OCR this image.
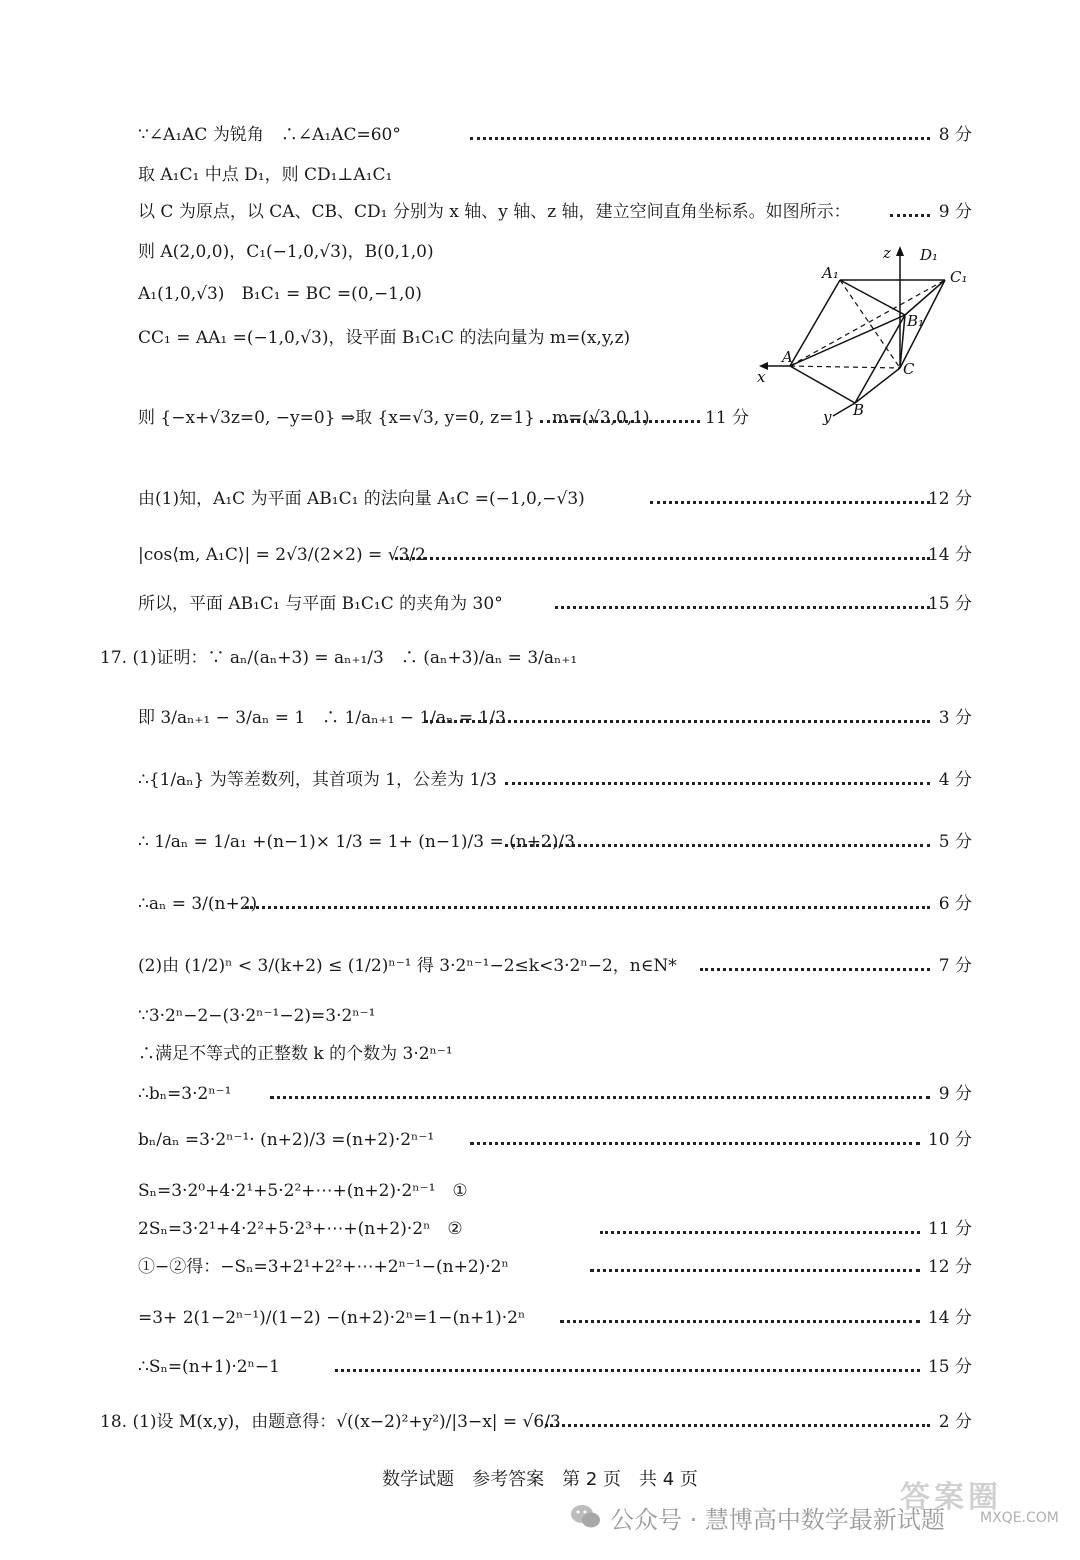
∵∠A₁AC 为锐角　∴∠A₁AC=60°	8 分
取 A₁C₁ 中点 D₁，则 CD₁⊥A₁C₁
以 C 为原点，以 CA、CB、CD₁ 分别为 x 轴、y 轴、z 轴，建立空间直角坐标系。如图所示：	9 分
则 A(2,0,0)，C₁(−1,0,√3)，B(0,1,0)
A₁(1,0,√3)　B₁C₁ = BC =(0,−1,0)
CC₁ = AA₁ =(−1,0,√3)，设平面 B₁C₁C 的法向量为 m=(x,y,z)
则 {−x+√3z=0, −y=0} ⇒取 {x=√3, y=0, z=1}　m=(√3,0,1)	11 分
由(1)知，A₁C 为平面 AB₁C₁ 的法向量 A₁C =(−1,0,−√3)	12 分
|cos⟨m, A₁C⟩| = 2√3/(2×2) = √3/2	14 分
所以，平面 AB₁C₁ 与平面 B₁C₁C 的夹角为 30°	15 分
17. (1)证明：∵ aₙ/(aₙ+3) = aₙ₊₁/3　∴ (aₙ+3)/aₙ = 3/aₙ₊₁
即 3/aₙ₊₁ − 3/aₙ = 1　∴ 1/aₙ₊₁ − 1/aₙ = 1/3	3 分
∴{1/aₙ} 为等差数列，其首项为 1，公差为 1/3	4 分
∴ 1/aₙ = 1/a₁ +(n−1)× 1/3 = 1+ (n−1)/3 = (n+2)/3	5 分
∴aₙ = 3/(n+2)	6 分
(2)由 (1/2)ⁿ < 3/(k+2) ≤ (1/2)ⁿ⁻¹ 得 3·2ⁿ⁻¹−2≤k<3·2ⁿ−2，n∈N*	7 分
∵3·2ⁿ−2−(3·2ⁿ⁻¹−2)=3·2ⁿ⁻¹
∴满足不等式的正整数 k 的个数为 3·2ⁿ⁻¹
∴bₙ=3·2ⁿ⁻¹	9 分
bₙ/aₙ =3·2ⁿ⁻¹· (n+2)/3 =(n+2)·2ⁿ⁻¹	10 分
Sₙ=3·2⁰+4·2¹+5·2²+⋯+(n+2)·2ⁿ⁻¹　①
2Sₙ=3·2¹+4·2²+5·2³+⋯+(n+2)·2ⁿ　②	11 分
①−②得：−Sₙ=3+2¹+2²+⋯+2ⁿ⁻¹−(n+2)·2ⁿ	12 分
=3+ 2(1−2ⁿ⁻¹)/(1−2) −(n+2)·2ⁿ=1−(n+1)·2ⁿ	14 分
∴Sₙ=(n+1)·2ⁿ−1	15 分
18. (1)设 M(x,y)，由题意得：√((x−2)²+y²)/|3−x| = √6/3	2 分
z D₁
A₁	C₁
B₁
A
C
x
y B
数学试题　参考答案　第 2 页　共 4 页
答案圈
公众号 · 慧博高中数学最新试题	MXQE.COM
